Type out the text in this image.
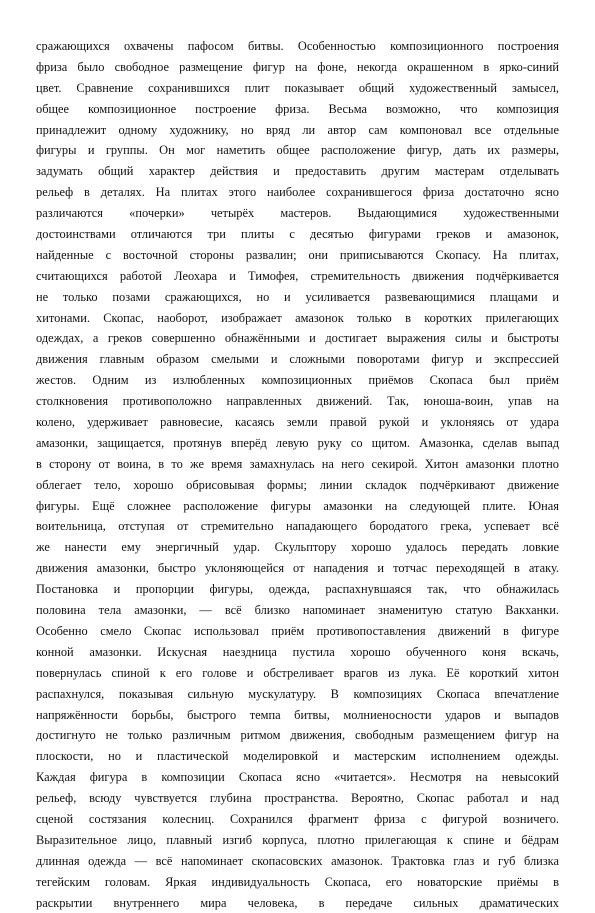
сражающихся охвачены пафосом битвы. Особенностью композиционного построения
фриза было свободное размещение фигур на фоне, некогда окрашенном в ярко-синий
цвет. Сравнение сохранившихся плит показывает общий художественный замысел,
общее композиционное построение фриза. Весьма возможно, что композиция
принадлежит одному художнику, но вряд ли автор сам компоновал все отдельные
фигуры и группы. Он мог наметить общее расположение фигур, дать их размеры,
задумать общий характер действия и предоставить другим мастерам отделывать
рельеф в деталях. На плитах этого наиболее сохранившегося фриза достаточно ясно
различаются «почерки» четырёх мастеров. Выдающимися художественными
достоинствами отличаются три плиты с десятью фигурами греков и амазонок,
найденные с восточной стороны развалин; они приписываются Скопасу. На плитах,
считающихся работой Леохара и Тимофея, стремительность движения подчёркивается
не только позами сражающихся, но и усиливается развевающимися плащами и
хитонами. Скопас, наоборот, изображает амазонок только в коротких прилегающих
одеждах, а греков совершенно обнажёнными и достигает выражения силы и быстроты
движения главным образом смелыми и сложными поворотами фигур и экспрессией
жестов. Одним из излюбленных композиционных приёмов Скопаса был приём
столкновения противоположно направленных движений. Так, юноша-воин, упав на
колено, удерживает равновесие, касаясь земли правой рукой и уклоняясь от удара
амазонки, защищается, протянув вперёд левую руку со щитом. Амазонка, сделав выпад
в сторону от воина, в то же время замахнулась на него секирой. Хитон амазонки плотно
облегает тело, хорошо обрисовывая формы; линии складок подчёркивают движение
фигуры. Ещё сложнее расположение фигуры амазонки на следующей плите. Юная
воительница, отступая от стремительно нападающего бородатого грека, успевает всё
же нанести ему энергичный удар. Скульптору хорошо удалось передать ловкие
движения амазонки, быстро уклоняющейся от нападения и тотчас переходящей в атаку.
Постановка и пропорции фигуры, одежда, распахнувшаяся так, что обнажилась
половина тела амазонки, — всё близко напоминает знаменитую статую Вакханки.
Особенно смело Скопас использовал приём противопоставления движений в фигуре
конной амазонки. Искусная наездница пустила хорошо обученного коня вскачь,
повернулась спиной к его голове и обстреливает врагов из лука. Её короткий хитон
распахнулся, показывая сильную мускулатуру. В композициях Скопаса впечатление
напряжённости борьбы, быстрого темпа битвы, молниеносности ударов и выпадов
достигнуто не только различным ритмом движения, свободным размещением фигур на
плоскости, но и пластической моделировкой и мастерским исполнением одежды.
Каждая фигура в композиции Скопаса ясно «читается». Несмотря на невысокий
рельеф, всюду чувствуется глубина пространства. Вероятно, Скопас работал и над
сценой состязания колесниц. Сохранился фрагмент фриза с фигурой возничего.
Выразительное лицо, плавный изгиб корпуса, плотно прилегающая к спине и бёдрам
длинная одежда — всё напоминает скопасовских амазонок. Трактовка глаз и губ близка
тегейским головам. Яркая индивидуальность Скопаса, его новаторские приёмы в
раскрытии внутреннего мира человека, в передаче сильных драматических
